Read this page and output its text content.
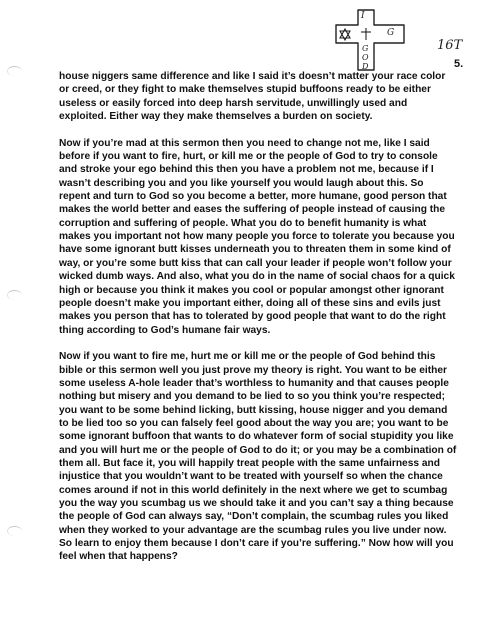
I
G
G
O
D
16T
5.

house niggers same difference and like I said it’s doesn’t matter your race color or creed, or they fight to make themselves stupid buffoons ready to be either useless or easily forced into deep harsh servitude, unwillingly used and exploited. Either way they make themselves a burden on society.

Now if you’re mad at this sermon then you need to change not me, like I said before if you want to fire, hurt, or kill me or the people of God to try to console and stroke your ego behind this then you have a problem not me, because if I wasn’t describing you and you like yourself you would laugh about this. So repent and turn to God so you become a better, more humane, good person that makes the world better and eases the suffering of people instead of causing the corruption and suffering of people. What you do to benefit humanity is what makes you important not how many people you force to tolerate you because you have some ignorant butt kisses underneath you to threaten them in some kind of way, or you’re some butt kiss that can call your leader if people won’t follow your wicked dumb ways. And also, what you do in the name of social chaos for a quick high or because you think it makes you cool or popular amongst other ignorant people doesn’t make you important either, doing all of these sins and evils just makes you person that has to tolerated by good people that want to do the right thing according to God’s humane fair ways.

Now if you want to fire me, hurt me or kill me or the people of God behind this bible or this sermon well you just prove my theory is right. You want to be either some useless A-hole leader that’s worthless to humanity and that causes people nothing but misery and you demand to be lied to so you think you’re respected; you want to be some behind licking, butt kissing, house nigger and you demand to be lied too so you can falsely feel good about the way you are; you want to be some ignorant buffoon that wants to do whatever form of social stupidity you like and you will hurt me or the people of God to do it; or you may be a combination of them all. But face it, you will happily treat people with the same unfairness and injustice that you wouldn’t want to be treated with yourself so when the chance comes around if not in this world definitely in the next where we get to scumbag you the way you scumbag us we should take it and you can’t say a thing because the people of God can always say, “Don’t complain, the scumbag rules you liked when they worked to your advantage are the scumbag rules you live under now. So learn to enjoy them because I don’t care if you’re suffering.” Now how will you feel when that happens?
